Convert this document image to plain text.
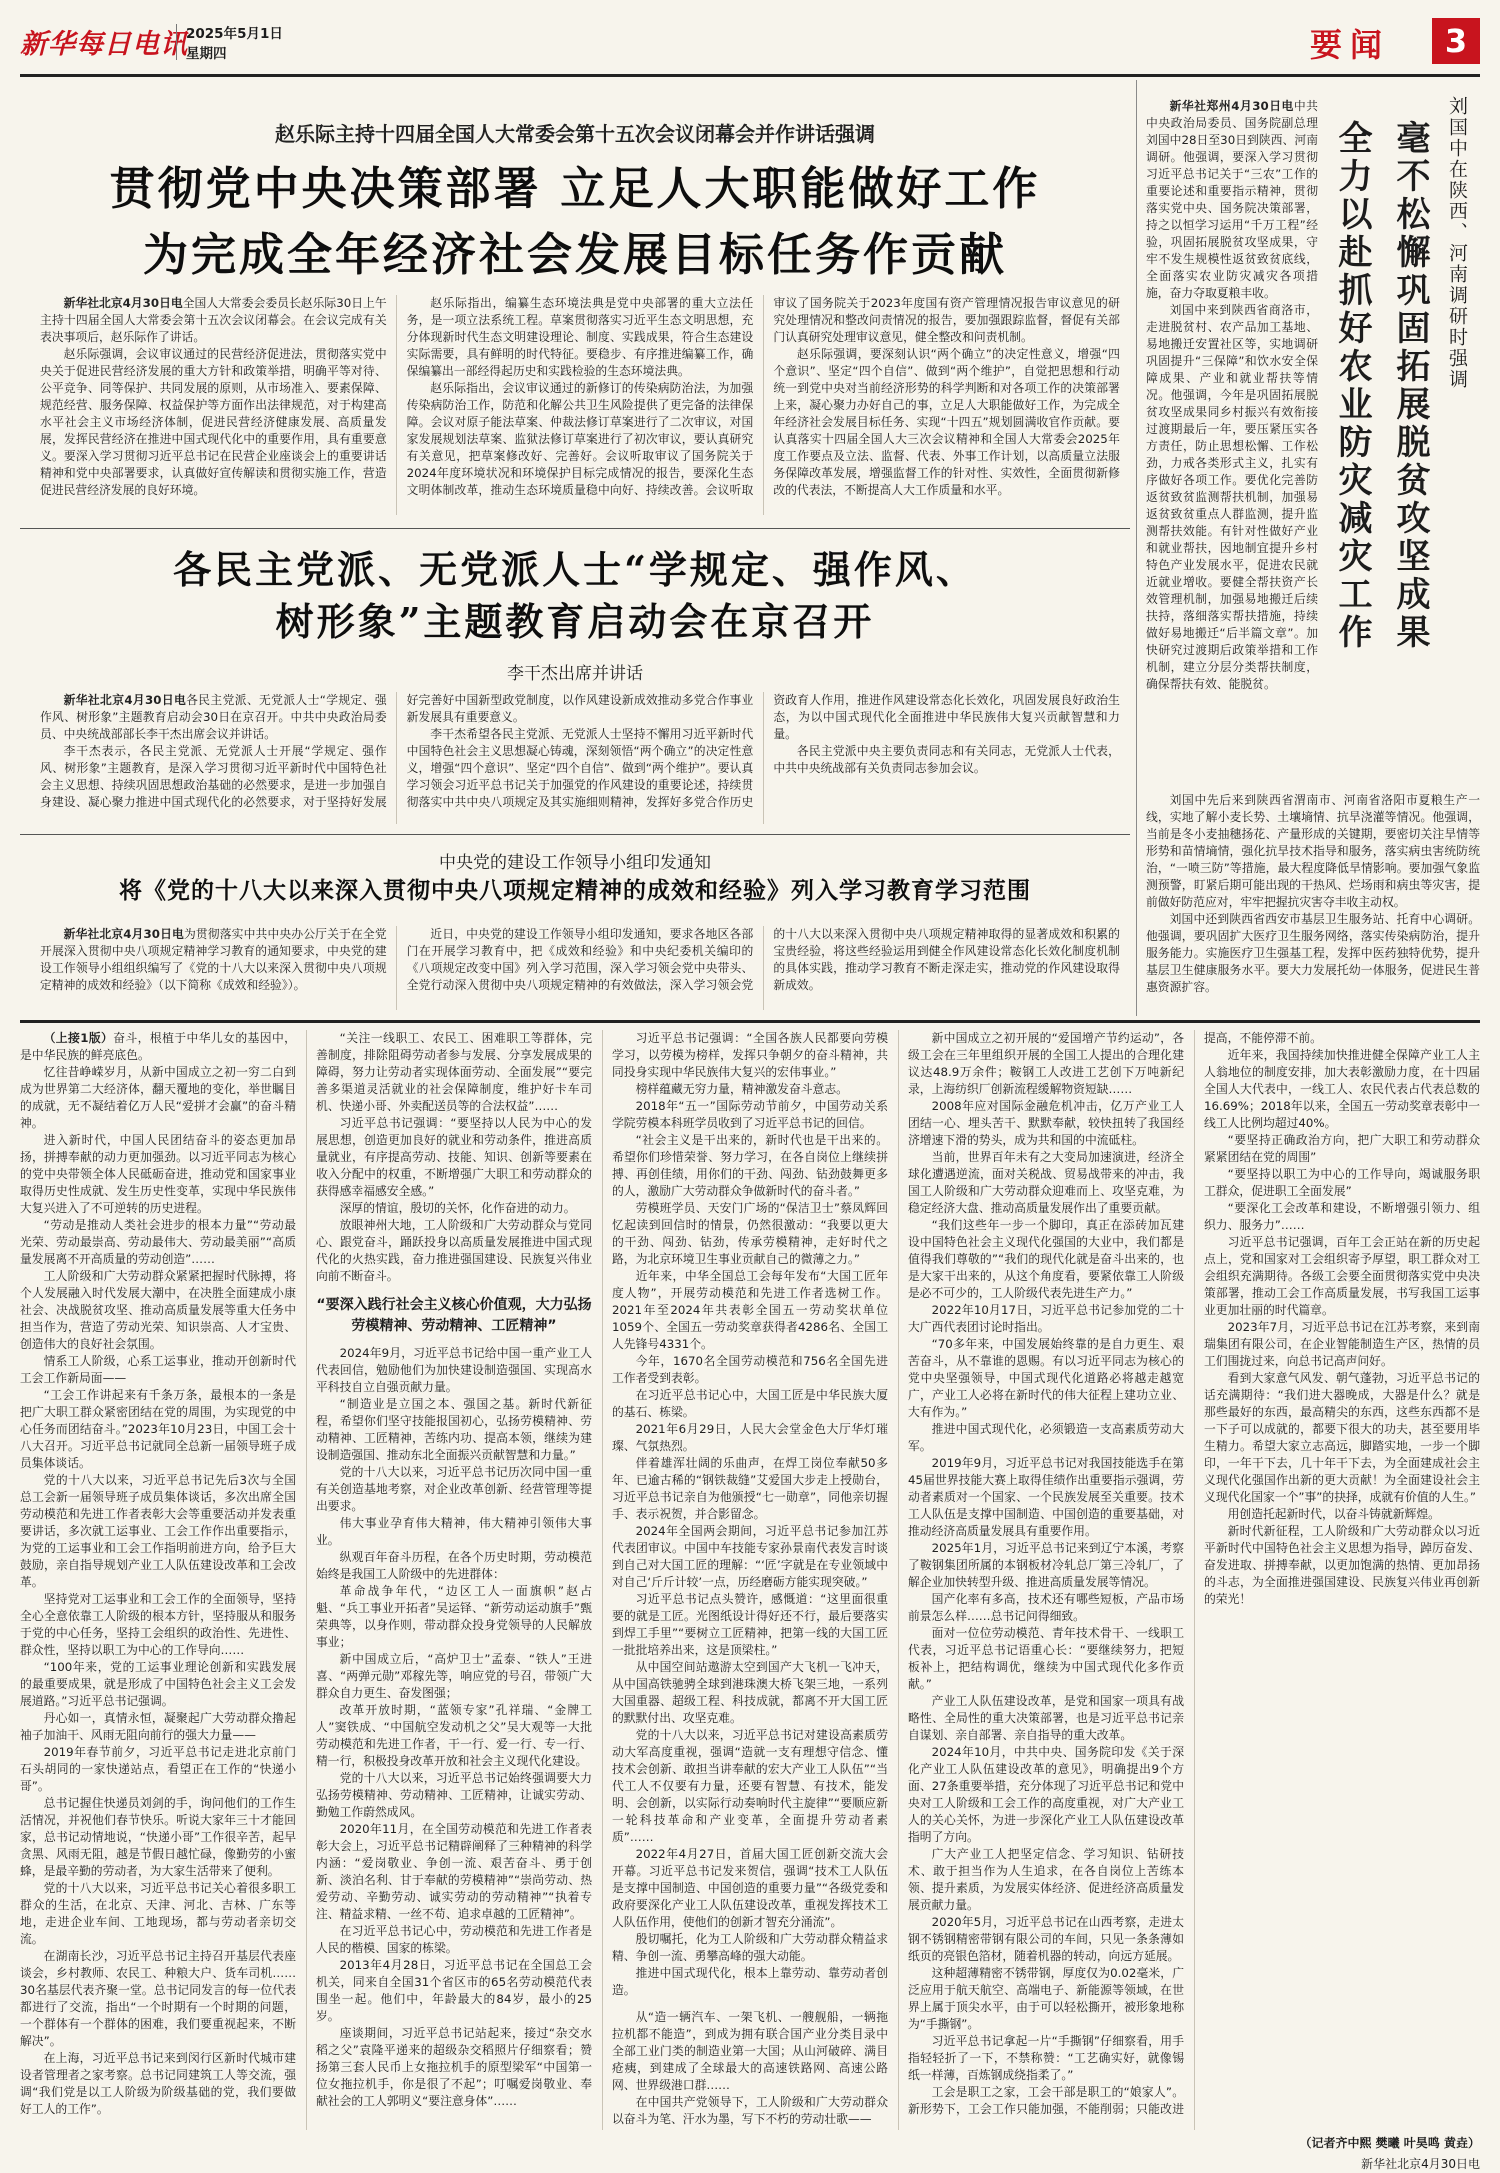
新华每日电讯
2025年5月1日
星期四	要闻	3
赵乐际主持十四届全国人大常委会第十五次会议闭幕会并作讲话强调
贯彻党中央决策部署 立足人大职能做好工作
为完成全年经济社会发展目标任务作贡献

新华社北京4月30日电全国人大常委会委员长赵乐际30日上午主持十四届全国人大常委会第十五次会议闭幕会。在会议完成有关表决事项后，赵乐际作了讲话。

赵乐际强调，会议审议通过的民营经济促进法，贯彻落实党中央关于促进民营经济发展的重大方针和政策举措，明确平等对待、公平竞争、同等保护、共同发展的原则，从市场准入、要素保障、规范经营、服务保障、权益保护等方面作出法律规范，对于构建高水平社会主义市场经济体制，促进民营经济健康发展、高质量发展，发挥民营经济在推进中国式现代化中的重要作用，具有重要意义。要深入学习贯彻习近平总书记在民营企业座谈会上的重要讲话精神和党中央部署要求，认真做好宣传解读和贯彻实施工作，营造促进民营经济发展的良好环境。

赵乐际指出，编纂生态环境法典是党中央部署的重大立法任务，是一项立法系统工程。草案贯彻落实习近平生态文明思想，充分体现新时代生态文明建设理论、制度、实践成果，符合生态建设实际需要，具有鲜明的时代特征。要稳步、有序推进编纂工作，确保编纂出一部经得起历史和实践检验的生态环境法典。

赵乐际指出，会议审议通过的新修订的传染病防治法，为加强传染病防治工作，防范和化解公共卫生风险提供了更完备的法律保障。会议对原子能法草案、仲裁法修订草案进行了二次审议，对国家发展规划法草案、监狱法修订草案进行了初次审议，要认真研究有关意见，把草案修改好、完善好。会议听取审议了国务院关于2024年度环境状况和环境保护目标完成情况的报告，要深化生态文明体制改革，推动生态环境质量稳中向好、持续改善。会议听取审议了国务院关于2023年度国有资产管理情况报告审议意见的研究处理情况和整改问责情况的报告，要加强跟踪监督，督促有关部门认真研究处理审议意见，健全整改和问责机制。

赵乐际强调，要深刻认识“两个确立”的决定性意义，增强“四个意识”、坚定“四个自信”、做到“两个维护”，自觉把思想和行动统一到党中央对当前经济形势的科学判断和对各项工作的决策部署上来，凝心聚力办好自己的事，立足人大职能做好工作，为完成全年经济社会发展目标任务、实现“十四五”规划圆满收官作贡献。要认真落实十四届全国人大三次会议精神和全国人大常委会2025年度工作要点及立法、监督、代表、外事工作计划，以高质量立法服务保障改革发展，增强监督工作的针对性、实效性，全面贯彻新修改的代表法，不断提高人大工作质量和水平。

各民主党派、无党派人士“学规定、强作风、
树形象”主题教育启动会在京召开
李干杰出席并讲话

新华社北京4月30日电各民主党派、无党派人士“学规定、强作风、树形象”主题教育启动会30日在京召开。中共中央政治局委员、中央统战部部长李干杰出席会议并讲话。

李干杰表示，各民主党派、无党派人士开展“学规定、强作风、树形象”主题教育，是深入学习贯彻习近平新时代中国特色社会主义思想、持续巩固思想政治基础的必然要求，是进一步加强自身建设、凝心聚力推进中国式现代化的必然要求，对于坚持好发展好完善好中国新型政党制度，以作风建设新成效推动多党合作事业新发展具有重要意义。

李干杰希望各民主党派、无党派人士坚持不懈用习近平新时代中国特色社会主义思想凝心铸魂，深刻领悟“两个确立”的决定性意义，增强“四个意识”、坚定“四个自信”、做到“两个维护”。要认真学习领会习近平总书记关于加强党的作风建设的重要论述，持续贯彻落实中共中央八项规定及其实施细则精神，发挥好多党合作历史资政育人作用，推进作风建设常态化长效化，巩固发展良好政治生态，为以中国式现代化全面推进中华民族伟大复兴贡献智慧和力量。

各民主党派中央主要负责同志和有关同志，无党派人士代表，中共中央统战部有关负责同志参加会议。

中央党的建设工作领导小组印发通知
将《党的十八大以来深入贯彻中央八项规定精神的成效和经验》列入学习教育学习范围

新华社北京4月30日电为贯彻落实中共中央办公厅关于在全党开展深入贯彻中央八项规定精神学习教育的通知要求，中央党的建设工作领导小组组织编写了《党的十八大以来深入贯彻中央八项规定精神的成效和经验》（以下简称《成效和经验》）。

近日，中央党的建设工作领导小组印发通知，要求各地区各部门在开展学习教育中，把《成效和经验》和中央纪委机关编印的《八项规定改变中国》列入学习范围，深入学习领会党中央带头、全党行动深入贯彻中央八项规定精神的有效做法，深入学习领会党的十八大以来深入贯彻中央八项规定精神取得的显著成效和积累的宝贵经验，将这些经验运用到健全作风建设常态化长效化制度机制的具体实践，推动学习教育不断走深走实，推动党的作风建设取得新成效。

刘国中在陕西、河南调研时强调
毫不松懈巩固拓展脱贫攻坚成果
全力以赴抓好农业防灾减灾工作

新华社郑州4月30日电中共中央政治局委员、国务院副总理刘国中28日至30日到陕西、河南调研。他强调，要深入学习贯彻习近平总书记关于“三农”工作的重要论述和重要指示精神，贯彻落实党中央、国务院决策部署，持之以恒学习运用“千万工程”经验，巩固拓展脱贫攻坚成果，守牢不发生规模性返贫致贫底线，全面落实农业防灾减灾各项措施，奋力夺取夏粮丰收。

刘国中来到陕西省商洛市，走进脱贫村、农产品加工基地、易地搬迁安置社区等，实地调研巩固提升“三保障”和饮水安全保障成果、产业和就业帮扶等情况。他强调，今年是巩固拓展脱贫攻坚成果同乡村振兴有效衔接过渡期最后一年，要压紧压实各方责任，防止思想松懈、工作松劲，力戒各类形式主义，扎实有序做好各项工作。要优化完善防返贫致贫监测帮扶机制，加强易返贫致贫重点人群监测，提升监测帮扶效能。有针对性做好产业和就业帮扶，因地制宜提升乡村特色产业发展水平，促进农民就近就业增收。要健全帮扶资产长效管理机制，加强易地搬迁后续扶持，落细落实帮扶措施，持续做好易地搬迁“后半篇文章”。加快研究过渡期后政策举措和工作机制，建立分层分类帮扶制度，确保帮扶有效、能脱贫。

刘国中先后来到陕西省渭南市、河南省洛阳市夏粮生产一线，实地了解小麦长势、土壤墒情、抗旱浇灌等情况。他强调，当前是冬小麦抽穗扬花、产量形成的关键期，要密切关注旱情等形势和苗情墒情，强化抗旱技术指导和服务，落实病虫害统防统治，“一喷三防”等措施，最大程度降低旱情影响。要加强气象监测预警，盯紧后期可能出现的干热风、烂场雨和病虫等灾害，提前做好防范应对，牢牢把握抗灾害夺丰收主动权。

刘国中还到陕西省西安市基层卫生服务站、托育中心调研。他强调，要巩固扩大医疗卫生服务网络，落实传染病防治，提升服务能力。实施医疗卫生强基工程，发挥中医药独特优势，提升基层卫生健康服务水平。要大力发展托幼一体服务，促进民生普惠资源扩容。

（上接1版）奋斗，根植于中华儿女的基因中，是中华民族的鲜亮底色。

忆往昔峥嵘岁月，从新中国成立之初一穷二白到成为世界第二大经济体，翻天覆地的变化，举世瞩目的成就，无不凝结着亿万人民“爱拼才会赢”的奋斗精神。

进入新时代，中国人民团结奋斗的姿态更加昂扬，拼搏奉献的动力更加强劲。以习近平同志为核心的党中央带领全体人民砥砺奋进，推动党和国家事业取得历史性成就、发生历史性变革，实现中华民族伟大复兴进入了不可逆转的历史进程。

“劳动是推动人类社会进步的根本力量”“劳动最光荣、劳动最崇高、劳动最伟大、劳动最美丽”“高质量发展离不开高质量的劳动创造”……

工人阶级和广大劳动群众紧紧把握时代脉搏，将个人发展融入时代发展大潮中，在决胜全面建成小康社会、决战脱贫攻坚、推动高质量发展等重大任务中担当作为，营造了劳动光荣、知识崇高、人才宝贵、创造伟大的良好社会氛围。

情系工人阶级，心系工运事业，推动开创新时代工会工作新局面——

“工会工作讲起来有千条万条，最根本的一条是把广大职工群众紧密团结在党的周围，为实现党的中心任务而团结奋斗。”2023年10月23日，中国工会十八大召开。习近平总书记就同全总新一届领导班子成员集体谈话。

党的十八大以来，习近平总书记先后3次与全国总工会新一届领导班子成员集体谈话，多次出席全国劳动模范和先进工作者表彰大会等重要活动并发表重要讲话，多次就工运事业、工会工作作出重要指示，为党的工运事业和工会工作指明前进方向，给予巨大鼓励，亲自指导规划产业工人队伍建设改革和工会改革。

坚持党对工运事业和工会工作的全面领导，坚持全心全意依靠工人阶级的根本方针，坚持服从和服务于党的中心任务，坚持工会组织的政治性、先进性、群众性，坚持以职工为中心的工作导向……

“100年来，党的工运事业理论创新和实践发展的最重要成果，就是形成了中国特色社会主义工会发展道路。”习近平总书记强调。

丹心如一，真情永恒，凝聚起广大劳动群众撸起袖子加油干、风雨无阻向前行的强大力量——

2019年春节前夕，习近平总书记走进北京前门石头胡同的一家快递站点，看望正在工作的“快递小哥”。

总书记握住快递员刘剑的手，询问他们的工作生活情况，并祝他们春节快乐。听说大家年三十才能回家，总书记动情地说，“快递小哥”工作很辛苦，起早贪黑、风雨无阻，越是节假日越忙碌，像勤劳的小蜜蜂，是最辛勤的劳动者，为大家生活带来了便利。

党的十八大以来，习近平总书记关心着很多职工群众的生活，在北京、天津、河北、吉林、广东等地，走进企业车间、工地现场，都与劳动者亲切交流。

在湖南长沙，习近平总书记主持召开基层代表座谈会，乡村教师、农民工、种粮大户、货车司机……30名基层代表齐聚一堂。总书记同发言的每一位代表都进行了交流，指出“一个时期有一个时期的问题，一个群体有一个群体的困难，我们要重视起来，不断解决”。

在上海，习近平总书记来到闵行区新时代城市建设者管理者之家考察。总书记同建筑工人等交流，强调“我们党是以工人阶级为阶级基础的党，我们要做好工人的工作”。

“关注一线职工、农民工、困难职工等群体，完善制度，排除阻碍劳动者参与发展、分享发展成果的障碍，努力让劳动者实现体面劳动、全面发展”“要完善多渠道灵活就业的社会保障制度，维护好卡车司机、快递小哥、外卖配送员等的合法权益”……

习近平总书记强调：“要坚持以人民为中心的发展思想，创造更加良好的就业和劳动条件，推进高质量就业，有序提高劳动、技能、知识、创新等要素在收入分配中的权重，不断增强广大职工和劳动群众的获得感幸福感安全感。”

深厚的情谊，殷切的关怀，化作奋进的动力。

放眼神州大地，工人阶级和广大劳动群众与党同心、跟党奋斗，踊跃投身以高质量发展推进中国式现代化的火热实践，奋力推进强国建设、民族复兴伟业向前不断奋斗。

“要深入践行社会主义核心价值观，大力弘扬劳模精神、劳动精神、工匠精神”

2024年9月，习近平总书记给中国一重产业工人代表回信，勉励他们为加快建设制造强国、实现高水平科技自立自强贡献力量。

“制造业是立国之本、强国之基。新时代新征程，希望你们坚守技能报国初心，弘扬劳模精神、劳动精神、工匠精神，苦练内功、提高本领，继续为建设制造强国、推动东北全面振兴贡献智慧和力量。”

党的十八大以来，习近平总书记历次同中国一重有关创造基地考察，对企业改革创新、经营管理等提出要求。

伟大事业孕育伟大精神，伟大精神引领伟大事业。

纵观百年奋斗历程，在各个历史时期，劳动模范始终是我国工人阶级中的先进群体：

革命战争年代，“边区工人一面旗帜”赵占魁、“兵工事业开拓者”吴运铎、“新劳动运动旗手”甄荣典等，以身作则，带动群众投身党领导的人民解放事业；

新中国成立后，“高炉卫士”孟泰、“铁人”王进喜、“两弹元勋”邓稼先等，响应党的号召，带领广大群众自力更生、奋发图强；

改革开放时期，“蓝领专家”孔祥瑞、“金牌工人”窦铁成、“中国航空发动机之父”吴大观等一大批劳动模范和先进工作者，干一行、爱一行、专一行、精一行，积极投身改革开放和社会主义现代化建设。

党的十八大以来，习近平总书记始终强调要大力弘扬劳模精神、劳动精神、工匠精神，让诚实劳动、勤勉工作蔚然成风。

2020年11月，在全国劳动模范和先进工作者表彰大会上，习近平总书记精辟阐释了三种精神的科学内涵：“爱岗敬业、争创一流、艰苦奋斗、勇于创新、淡泊名利、甘于奉献的劳模精神”“崇尚劳动、热爱劳动、辛勤劳动、诚实劳动的劳动精神”“执着专注、精益求精、一丝不苟、追求卓越的工匠精神”。

在习近平总书记心中，劳动模范和先进工作者是人民的楷模、国家的栋梁。

2013年4月28日，习近平总书记在全国总工会机关，同来自全国31个省区市的65名劳动模范代表围坐一起。他们中，年龄最大的84岁，最小的25岁。

座谈期间，习近平总书记站起来，接过“杂交水稻之父”袁隆平递来的超级杂交稻照片仔细察看；赞扬第三套人民币上女拖拉机手的原型梁军“中国第一位女拖拉机手，你是很了不起”；叮嘱爱岗敬业、奉献社会的工人郭明义“要注意身体”……

习近平总书记强调：“全国各族人民都要向劳模学习，以劳模为榜样，发挥只争朝夕的奋斗精神，共同投身实现中华民族伟大复兴的宏伟事业。”

榜样蕴藏无穷力量，精神激发奋斗意志。

2018年“五一”国际劳动节前夕，中国劳动关系学院劳模本科班学员收到了习近平总书记的回信。

“社会主义是干出来的，新时代也是干出来的。希望你们珍惜荣誉、努力学习，在各自岗位上继续拼搏、再创佳绩，用你们的干劲、闯劲、钻劲鼓舞更多的人，激励广大劳动群众争做新时代的奋斗者。”

劳模班学员、天安门广场的“保洁卫士”蔡凤辉回忆起读到回信时的情景，仍然很激动：“我要以更大的干劲、闯劲、钻劲，传承劳模精神，走好时代之路，为北京环境卫生事业贡献自己的微薄之力。”

近年来，中华全国总工会每年发布“大国工匠年度人物”，开展劳动模范和先进工作者选树工作。2021年至2024年共表彰全国五一劳动奖状单位1059个、全国五一劳动奖章获得者4286名、全国工人先锋号4331个。

今年，1670名全国劳动模范和756名全国先进工作者受到表彰。

在习近平总书记心中，大国工匠是中华民族大厦的基石、栋梁。

2021年6月29日，人民大会堂金色大厅华灯璀璨、气氛热烈。

伴着雄浑壮阔的乐曲声，在焊工岗位奉献50多年、已逾古稀的“钢铁裁缝”艾爱国大步走上授勋台，习近平总书记亲自为他颁授“七一勋章”，同他亲切握手、表示祝贺，并合影留念。

2024年全国两会期间，习近平总书记参加江苏代表团审议。中国中车技能专家孙景南代表发言时谈到自己对大国工匠的理解：“‘匠’字就是在专业领域中对自己‘斤斤计较’一点，历经磨砺方能实现突破。”

习近平总书记点头赞许，感慨道：“这里面很重要的就是工匠。光图纸设计得好还不行，最后要落实到焊工手里”“要树立工匠精神，把第一线的大国工匠一批批培养出来，这是顶梁柱。”

从中国空间站遨游太空到国产大飞机一飞冲天，从中国高铁驰骋全球到港珠澳大桥飞架三地，一系列大国重器、超级工程、科技成就，都离不开大国工匠的默默付出、攻坚克难。

党的十八大以来，习近平总书记对建设高素质劳动大军高度重视，强调“造就一支有理想守信念、懂技术会创新、敢担当讲奉献的宏大产业工人队伍”“当代工人不仅要有力量，还要有智慧、有技术，能发明、会创新，以实际行动奏响时代主旋律”“要顺应新一轮科技革命和产业变革，全面提升劳动者素质”……

2022年4月27日，首届大国工匠创新交流大会开幕。习近平总书记发来贺信，强调“技术工人队伍是支撑中国制造、中国创造的重要力量”“各级党委和政府要深化产业工人队伍建设改革，重视发挥技术工人队伍作用，使他们的创新才智充分涌流”。

殷切嘱托，化为工人阶级和广大劳动群众精益求精、争创一流、勇攀高峰的强大动能。

推进中国式现代化，根本上靠劳动、靠劳动者创造。

从“造一辆汽车、一架飞机、一艘舰船，一辆拖拉机都不能造”，到成为拥有联合国产业分类目录中全部工业门类的制造业第一大国；从山河破碎、满目疮痍，到建成了全球最大的高速铁路网、高速公路网、世界级港口群……

在中国共产党领导下，工人阶级和广大劳动群众以奋斗为笔、汗水为墨，写下不朽的劳动壮歌——

新中国成立之初开展的“爱国增产节约运动”，各级工会在三年里组织开展的全国工人提出的合理化建议达48.9万余件；鞍钢工人改进工艺创下万吨新纪录，上海纺织厂创新流程缓解物资短缺……

2008年应对国际金融危机冲击，亿万产业工人团结一心、埋头苦干、默默奉献，较快扭转了我国经济增速下滑的势头，成为共和国的中流砥柱。

当前，世界百年未有之大变局加速演进，经济全球化遭遇逆流，面对关税战、贸易战带来的冲击，我国工人阶级和广大劳动群众迎难而上、攻坚克难，为稳定经济大盘、推动高质量发展作出了重要贡献。

“我们这些年一步一个脚印，真正在添砖加瓦建设中国特色社会主义现代化强国的大业中，我们都是值得我们尊敬的”“我们的现代化就是奋斗出来的，也是大家干出来的，从这个角度看，要紧依靠工人阶级是必不可少的，工人阶级代表先进生产力。”

2022年10月17日，习近平总书记参加党的二十大广西代表团讨论时指出。

“70多年来，中国发展始终靠的是自力更生、艰苦奋斗，从不靠谁的恩赐。有以习近平同志为核心的党中央坚强领导，中国式现代化道路必将越走越宽广，产业工人必将在新时代的伟大征程上建功立业、大有作为。”

推进中国式现代化，必须锻造一支高素质劳动大军。

2019年9月，习近平总书记对我国技能选手在第45届世界技能大赛上取得佳绩作出重要指示强调，劳动者素质对一个国家、一个民族发展至关重要。技术工人队伍是支撑中国制造、中国创造的重要基础，对推动经济高质量发展具有重要作用。

2025年1月，习近平总书记来到辽宁本溪，考察了鞍钢集团所属的本钢板材冷轧总厂第三冷轧厂，了解企业加快转型升级、推进高质量发展等情况。

国产化率有多高，技术还有哪些短板，产品市场前景怎么样……总书记问得细致。

面对一位位劳动模范、青年技术骨干、一线职工代表，习近平总书记语重心长：“要继续努力，把短板补上，把结构调优，继续为中国式现代化多作贡献。”

产业工人队伍建设改革，是党和国家一项具有战略性、全局性的重大决策部署，也是习近平总书记亲自谋划、亲自部署、亲自指导的重大改革。

2024年10月，中共中央、国务院印发《关于深化产业工人队伍建设改革的意见》，明确提出9个方面、27条重要举措，充分体现了习近平总书记和党中央对工人阶级和工会工作的高度重视，对广大产业工人的关心关怀，为进一步深化产业工人队伍建设改革指明了方向。

广大产业工人把坚定信念、学习知识、钻研技术、敢于担当作为人生追求，在各自岗位上苦练本领、提升素质，为发展实体经济、促进经济高质量发展贡献力量。

2020年5月，习近平总书记在山西考察，走进太钢不锈钢精密带钢有限公司的车间，只见一条条薄如纸页的亮银色箔材，随着机器的转动，向远方延展。

这种超薄精密不锈带钢，厚度仅为0.02毫米，广泛应用于航天航空、高端电子、新能源等领域，在世界上属于顶尖水平，由于可以轻松撕开，被形象地称为“手撕钢”。

习近平总书记拿起一片“手撕钢”仔细察看，用手指轻轻折了一下，不禁称赞：“工艺确实好，就像锡纸一样薄，百炼钢成绕指柔了。”

工会是职工之家，工会干部是职工的“娘家人”。新形势下，工会工作只能加强，不能削弱；只能改进提高，不能停滞不前。

近年来，我国持续加快推进健全保障产业工人主人翁地位的制度安排，加大表彰激励力度，在十四届全国人大代表中，一线工人、农民代表占代表总数的16.69%；2018年以来，全国五一劳动奖章表彰中一线工人比例均超过40%。

“要坚持正确政治方向，把广大职工和劳动群众紧紧团结在党的周围”

“要坚持以职工为中心的工作导向，竭诚服务职工群众，促进职工全面发展”

“要深化工会改革和建设，不断增强引领力、组织力、服务力”……

习近平总书记强调，百年工会正站在新的历史起点上，党和国家对工会组织寄予厚望，职工群众对工会组织充满期待。各级工会要全面贯彻落实党中央决策部署，推动工会工作高质量发展，书写我国工运事业更加壮丽的时代篇章。

2023年7月，习近平总书记在江苏考察，来到南瑞集团有限公司，在企业智能制造生产区，热情的员工们围拢过来，向总书记高声问好。

看到大家意气风发、朝气蓬勃，习近平总书记的话充满期待：“我们进大器晚成，大器是什么？就是那些最好的东西，最高精尖的东西，这些东西都不是一下子可以成就的，都要下很大的功夫，甚至要用毕生精力。希望大家立志高远，脚踏实地，一步一个脚印，一年干下去，几十年干下去，为全面建成社会主义现代化强国作出新的更大贡献！为全面建设社会主义现代化国家一个”事”的抉择，成就有价值的人生。”

用创造托起新时代，以奋斗铸就新辉煌。

新时代新征程，工人阶级和广大劳动群众以习近平新时代中国特色社会主义思想为指导，踔厉奋发、奋发进取、拼搏奉献，以更加饱满的热情、更加昂扬的斗志，为全面推进强国建设、民族复兴伟业再创新的荣光！

（记者齐中熙 樊曦 叶昊鸣 黄垚）
新华社北京4月30日电
